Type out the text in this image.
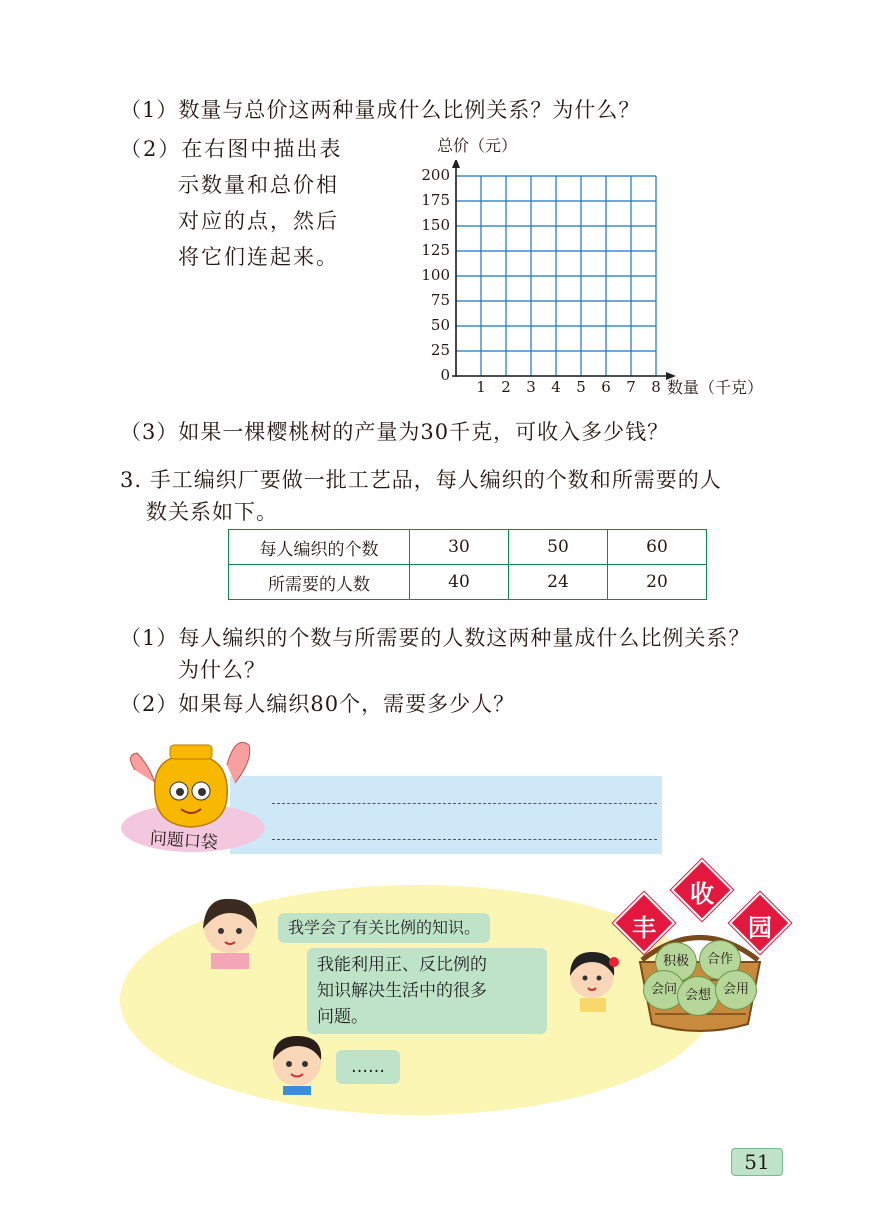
（1）数量与总价这两种量成什么比例关系？为什么？
（2）在右图中描出表
示数量和总价相
对应的点，然后
将它们连起来。
总价（元）
数量（千克）
0
25
50
75
100
125
150
175
200
1	2	3	4	5	6	7	8
（3）如果一棵樱桃树的产量为30千克，可收入多少钱？
3. 手工编织厂要做一批工艺品，每人编织的个数和所需要的人
数关系如下。
每人编织的个数	30	50	60
所需要的人数	40	24	20
（1）每人编织的个数与所需要的人数这两种量成什么比例关系？
为什么？
（2）如果每人编织80个，需要多少人？
问题口袋
我学会了有关比例的知识。
我能利用正、反比例的
知识解决生活中的很多
问题。
……
积极	合作
会问 会想 会用
丰
收
园
51
